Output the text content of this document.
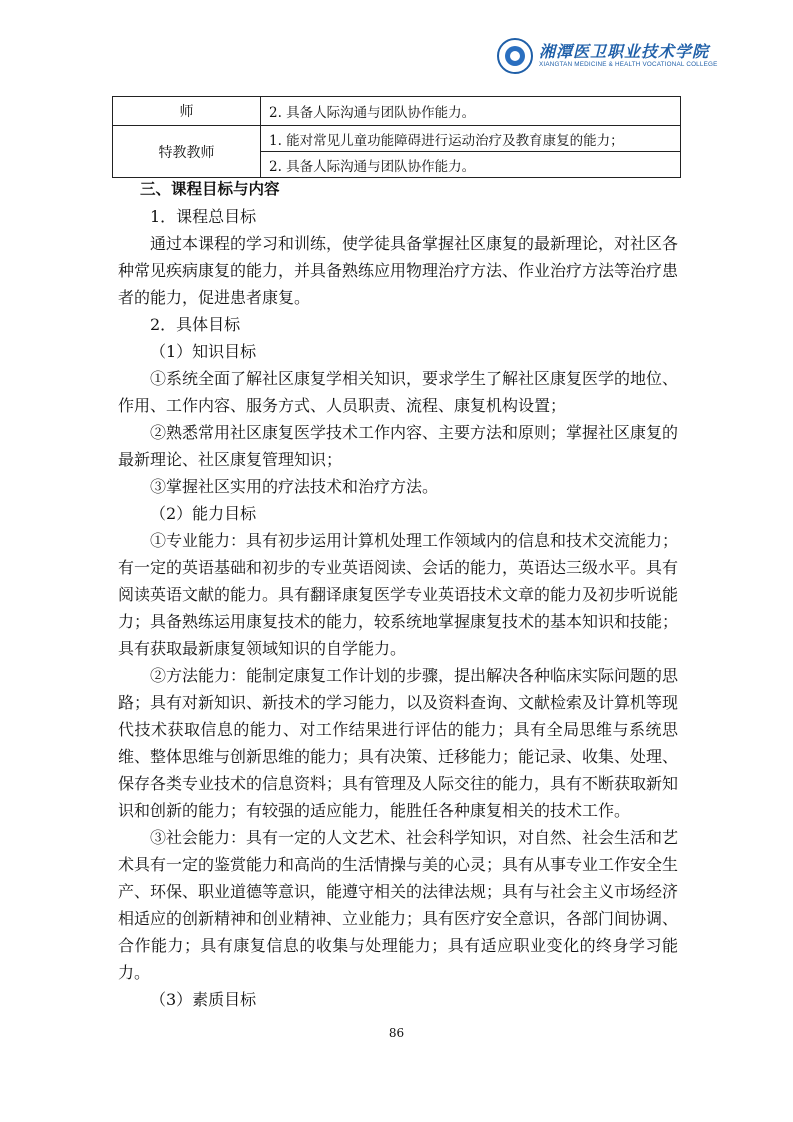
湘潭医卫职业技术学院
XIANGTAN MEDICINE & HEALTH VOCATIONAL COLLEGE
师	2. 具备人际沟通与团队协作能力。
特教教师	1. 能对常见儿童功能障碍进行运动治疗及教育康复的能力；
	2. 具备人际沟通与团队协作能力。
三、课程目标与内容
1．课程总目标

通过本课程的学习和训练，使学徒具备掌握社区康复的最新理论，对社区各种常见疾病康复的能力，并具备熟练应用物理治疗方法、作业治疗方法等治疗患者的能力，促进患者康复。

2．具体目标
（1）知识目标

①系统全面了解社区康复学相关知识，要求学生了解社区康复医学的地位、作用、工作内容、服务方式、人员职责、流程、康复机构设置；

②熟悉常用社区康复医学技术工作内容、主要方法和原则；掌握社区康复的最新理论、社区康复管理知识；

③掌握社区实用的疗法技术和治疗方法。

（2）能力目标

①专业能力：具有初步运用计算机处理工作领域内的信息和技术交流能力；有一定的英语基础和初步的专业英语阅读、会话的能力，英语达三级水平。具有阅读英语文献的能力。具有翻译康复医学专业英语技术文章的能力及初步听说能力；具备熟练运用康复技术的能力，较系统地掌握康复技术的基本知识和技能；具有获取最新康复领域知识的自学能力。

②方法能力：能制定康复工作计划的步骤，提出解决各种临床实际问题的思路；具有对新知识、新技术的学习能力，以及资料查询、文献检索及计算机等现代技术获取信息的能力、对工作结果进行评估的能力；具有全局思维与系统思维、整体思维与创新思维的能力；具有决策、迁移能力；能记录、收集、处理、保存各类专业技术的信息资料；具有管理及人际交往的能力，具有不断获取新知识和创新的能力；有较强的适应能力，能胜任各种康复相关的技术工作。

③社会能力：具有一定的人文艺术、社会科学知识，对自然、社会生活和艺术具有一定的鉴赏能力和高尚的生活情操与美的心灵；具有从事专业工作安全生产、环保、职业道德等意识，能遵守相关的法律法规；具有与社会主义市场经济相适应的创新精神和创业精神、立业能力；具有医疗安全意识，各部门间协调、合作能力；具有康复信息的收集与处理能力；具有适应职业变化的终身学习能力。

（3）素质目标
86
